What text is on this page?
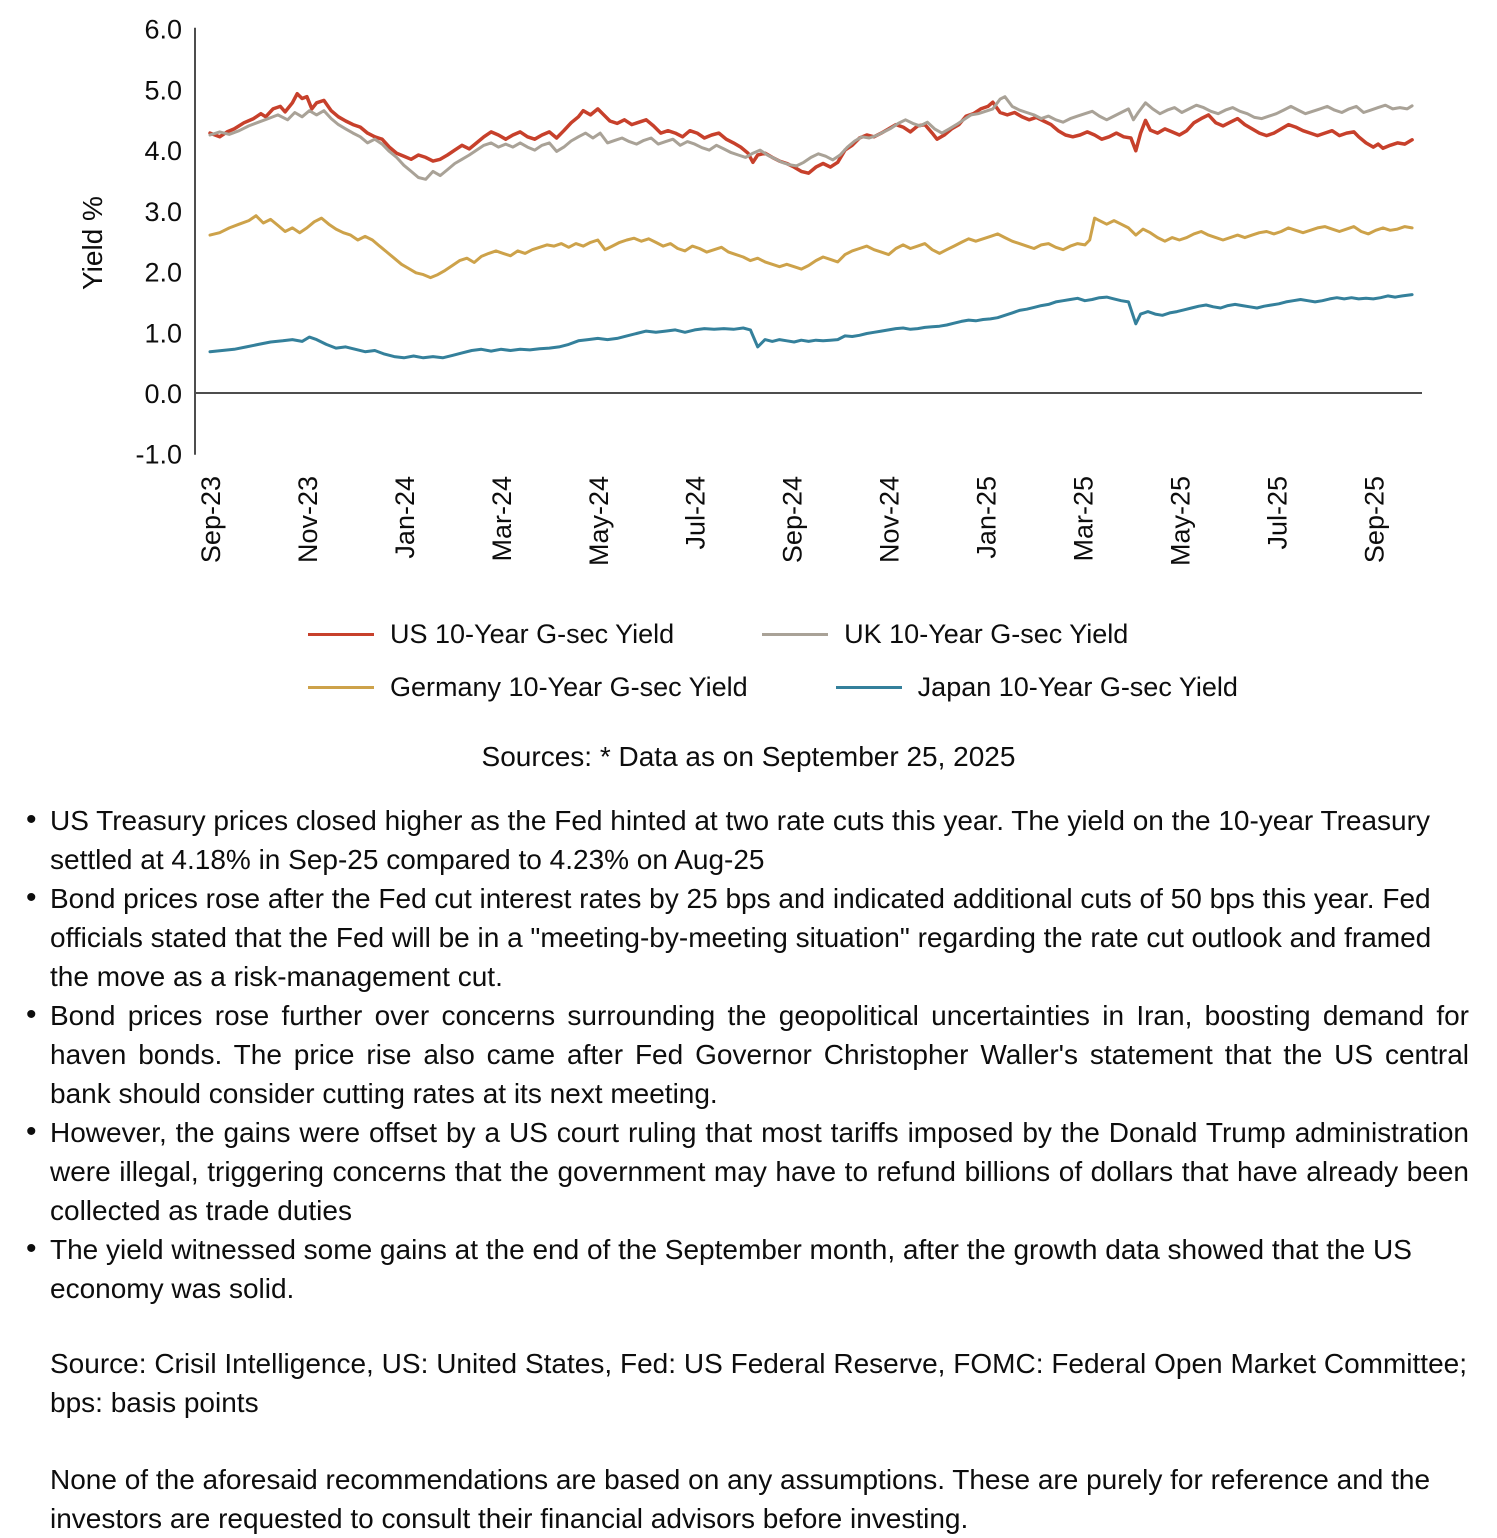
6.0
5.0
4.0
3.0
2.0
1.0
0.0
-1.0
Yield %
Sep-23 Nov-23 Jan-24 Mar-24 May-24 Jul-24 Sep-24 Nov-24 Jan-25 Mar-25 May-25 Jul-25 Sep-25
US 10-Year G-sec Yield	UK 10-Year G-sec Yield
Germany 10-Year G-sec Yield	Japan 10-Year G-sec Yield

Sources: * Data as on September 25, 2025

• US Treasury prices closed higher as the Fed hinted at two rate cuts this year. The yield on the 10-year Treasury settled at 4.18% in Sep-25 compared to 4.23% on Aug-25
• Bond prices rose after the Fed cut interest rates by 25 bps and indicated additional cuts of 50 bps this year. Fed officials stated that the Fed will be in a "meeting-by-meeting situation" regarding the rate cut outlook and framed the move as a risk-management cut.
• Bond prices rose further over concerns surrounding the geopolitical uncertainties in Iran, boosting demand for haven bonds. The price rise also came after Fed Governor Christopher Waller's statement that the US central bank should consider cutting rates at its next meeting.
• However, the gains were offset by a US court ruling that most tariffs imposed by the Donald Trump administration were illegal, triggering concerns that the government may have to refund billions of dollars that have already been collected as trade duties
• The yield witnessed some gains at the end of the September month, after the growth data showed that the US economy was solid.

Source: Crisil Intelligence, US: United States, Fed: US Federal Reserve, FOMC: Federal Open Market Committee; bps: basis points

None of the aforesaid recommendations are based on any assumptions. These are purely for reference and the investors are requested to consult their financial advisors before investing.
